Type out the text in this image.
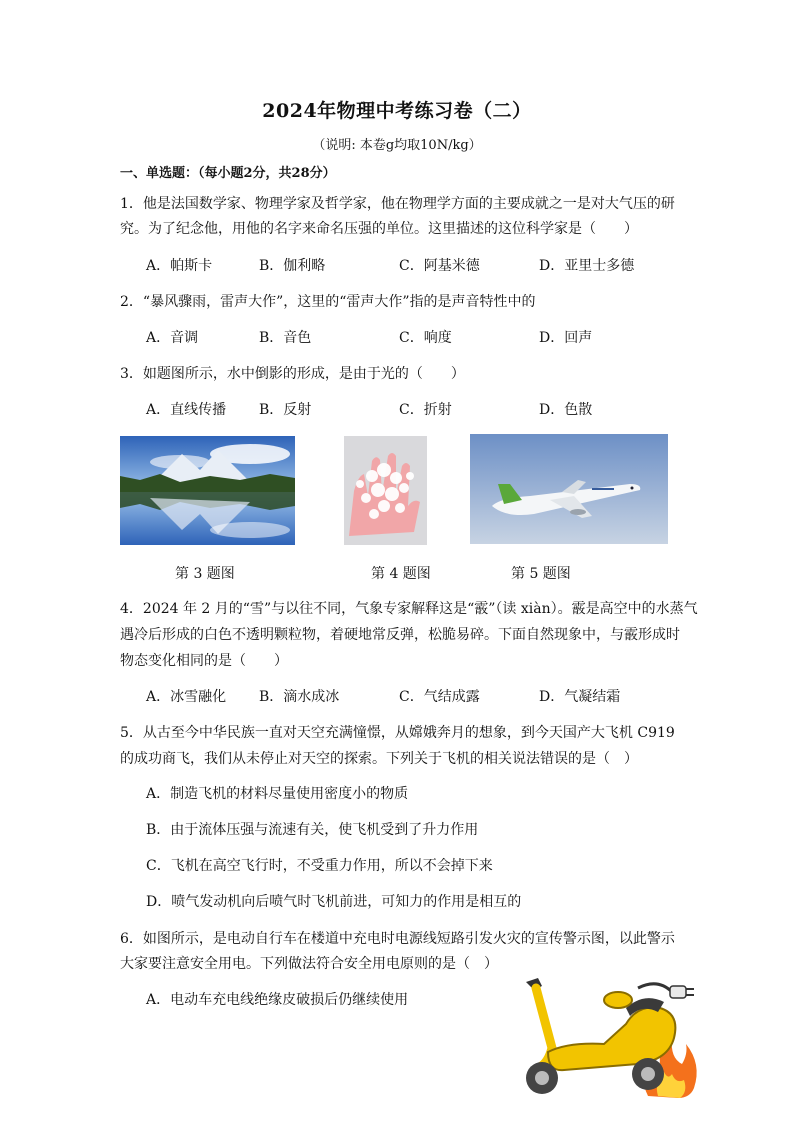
2024年物理中考练习卷（二）
（说明: 本卷g均取10N/kg）
一、单选题：（每小题2分，共28分）
1．他是法国数学家、物理学家及哲学家，他在物理学方面的主要成就之一是对大气压的研
究。为了纪念他，用他的名字来命名压强的单位。这里描述的这位科学家是（　　）
A．帕斯卡	B．伽利略	C．阿基米德	D．亚里士多德
2．“暴风骤雨，雷声大作”，这里的“雷声大作”指的是声音特性中的
A．音调	B．音色	C．响度	D．回声
3．如题图所示，水中倒影的形成，是由于光的（　　）
A．直线传播 B．反射	C．折射	D．色散
第 3 题图	第 4 题图	第 5 题图
4．2024 年 2 月的“雪”与以往不同，气象专家解释这是“霰”（读 xiàn）。霰是高空中的水蒸气
遇冷后形成的白色不透明颗粒物，着硬地常反弹，松脆易碎。下面自然现象中，与霰形成时
物态变化相同的是（　　）
A．冰雪融化 B．滴水成冰	C．气结成露	D．气凝结霜
5．从古至今中华民族一直对天空充满憧憬，从嫦娥奔月的想象，到今天国产大飞机 C919
的成功商飞，我们从未停止对天空的探索。下列关于飞机的相关说法错误的是（　）
A．制造飞机的材料尽量使用密度小的物质
B．由于流体压强与流速有关，使飞机受到了升力作用
C．飞机在高空飞行时，不受重力作用，所以不会掉下来
D．喷气发动机向后喷气时飞机前进，可知力的作用是相互的
6．如图所示，是电动自行车在楼道中充电时电源线短路引发火灾的宣传警示图，以此警示
大家要注意安全用电。下列做法符合安全用电原则的是（　）
A．电动车充电线绝缘皮破损后仍继续使用
